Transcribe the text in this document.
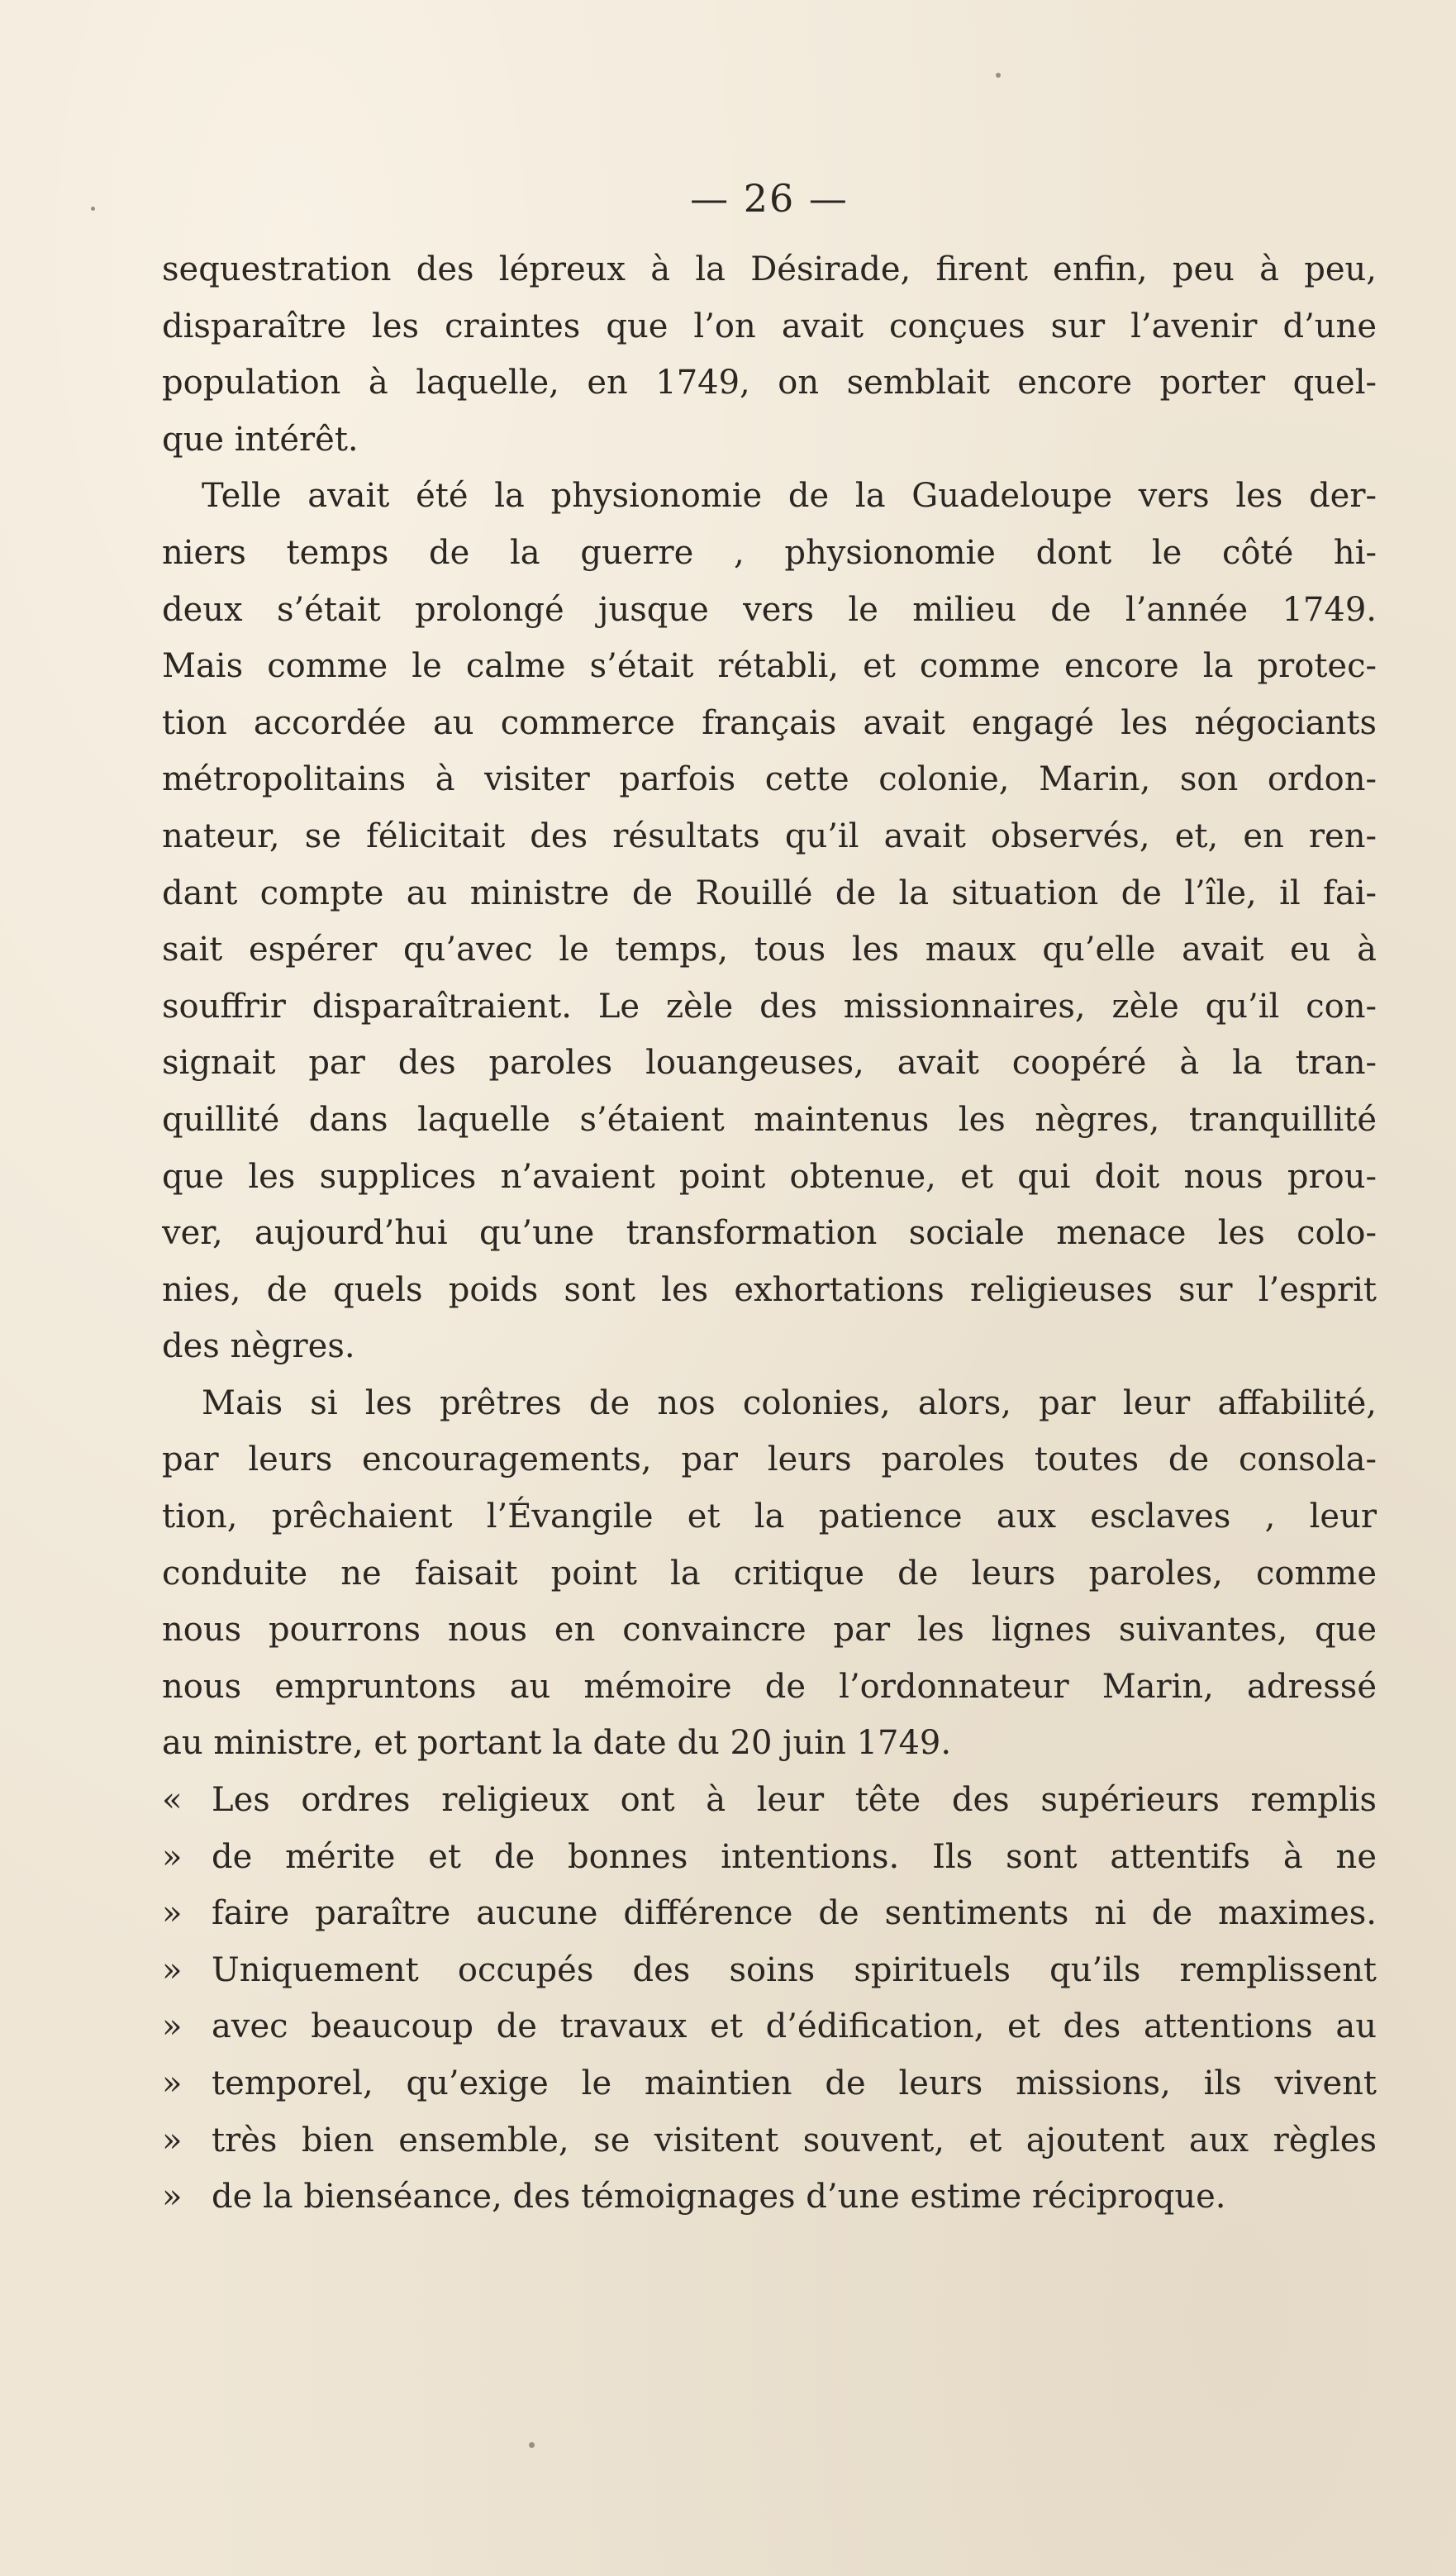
— 26 —
sequestration des lépreux à la Désirade, firent enfin, peu à peu,
disparaître les craintes que l’on avait conçues sur l’avenir d’une
population à laquelle, en 1749, on semblait encore porter quel-
que intérêt.
Telle avait été la physionomie de la Guadeloupe vers les der-
niers temps de la guerre , physionomie dont le côté hi-
deux s’était prolongé jusque vers le milieu de l’année 1749.
Mais comme le calme s’était rétabli, et comme encore la protec-
tion accordée au commerce français avait engagé les négociants
métropolitains à visiter parfois cette colonie, Marin, son ordon-
nateur, se félicitait des résultats qu’il avait observés, et, en ren-
dant compte au ministre de Rouillé de la situation de l’île, il fai-
sait espérer qu’avec le temps, tous les maux qu’elle avait eu à
souffrir disparaîtraient. Le zèle des missionnaires, zèle qu’il con-
signait par des paroles louangeuses, avait coopéré à la tran-
quillité dans laquelle s’étaient maintenus les nègres, tranquillité
que les supplices n’avaient point obtenue, et qui doit nous prou-
ver, aujourd’hui qu’une transformation sociale menace les colo-
nies, de quels poids sont les exhortations religieuses sur l’esprit
des nègres.
Mais si les prêtres de nos colonies, alors, par leur affabilité,
par leurs encouragements, par leurs paroles toutes de consola-
tion, prêchaient l’Évangile et la patience aux esclaves , leur
conduite ne faisait point la critique de leurs paroles, comme
nous pourrons nous en convaincre par les lignes suivantes, que
nous empruntons au mémoire de l’ordonnateur Marin, adressé
au ministre, et portant la date du 20 juin 1749.
« Les ordres religieux ont à leur tête des supérieurs remplis
» de mérite et de bonnes intentions. Ils sont attentifs à ne
» faire paraître aucune différence de sentiments ni de maximes.
» Uniquement occupés des soins spirituels qu’ils remplissent
» avec beaucoup de travaux et d’édification, et des attentions au
» temporel, qu’exige le maintien de leurs missions, ils vivent
» très bien ensemble, se visitent souvent, et ajoutent aux règles
» de la bienséance, des témoignages d’une estime réciproque.
